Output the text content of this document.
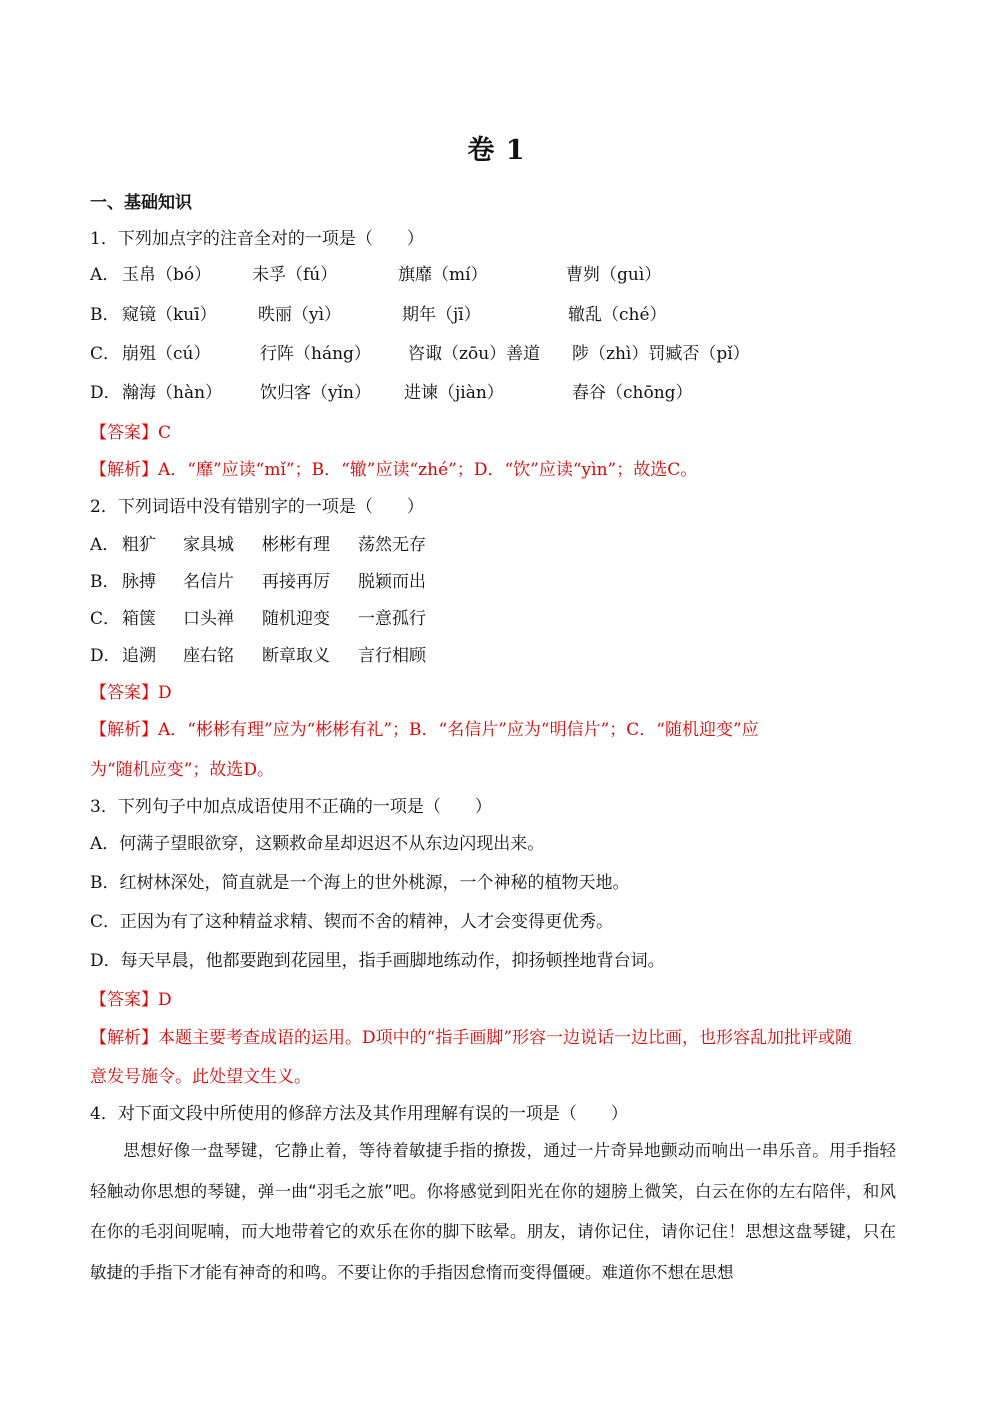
卷 1
一、基础知识
1．下列加点字的注音全对的一项是（　　）
A． 玉帛（bó） 未孚（fú）	旗靡（mí）	曹刿（guì）
B． 窥镜（kuī） 昳丽（yì）	期年（jī）	辙乱（ché）
C． 崩殂（cú）	行阵（háng） 咨诹（zōu）善道 陟（zhì）罚臧否（pǐ）
D． 瀚海（hàn） 饮归客（yǐn） 进谏（jiàn）	舂谷（chōng）
【答案】C
【解析】A．“靡”应读“mǐ”；B．“辙”应读“zhé”；D．“饮”应读“yìn”；故选C。
2．下列词语中没有错别字的一项是（　　）
A． 粗犷 家具城 彬彬有理 荡然无存
B． 脉搏 名信片 再接再厉 脱颖而出
C． 箱箧 口头禅 随机迎变 一意孤行
D． 追溯 座右铭 断章取义 言行相顾
【答案】D
【解析】A．“彬彬有理”应为“彬彬有礼”；B．“名信片”应为“明信片”；C．“随机迎变”应
为“随机应变”；故选D。
3．下列句子中加点成语使用不正确的一项是（　　）
A．何满子望眼欲穿，这颗救命星却迟迟不从东边闪现出来。
B．红树林深处，简直就是一个海上的世外桃源，一个神秘的植物天地。
C．正因为有了这种精益求精、锲而不舍的精神，人才会变得更优秀。
D．每天早晨，他都要跑到花园里，指手画脚地练动作，抑扬顿挫地背台词。
【答案】D
【解析】本题主要考查成语的运用。D项中的“指手画脚”形容一边说话一边比画，也形容乱加批评或随
意发号施令。此处望文生义。
4．对下面文段中所使用的修辞方法及其作用理解有误的一项是（　　）
思想好像一盘琴键，它静止着，等待着敏捷手指的撩拨，通过一片奇异地颤动而响出一串乐音。用手指轻轻触动你思想的琴键，弹一曲“羽毛之旅”吧。你将感觉到阳光在你的翅膀上微笑，白云在你的左右陪伴，和风在你的毛羽间呢喃，而大地带着它的欢乐在你的脚下眩晕。朋友，请你记住，请你记住！思想这盘琴键，只在敏捷的手指下才能有神奇的和鸣。不要让你的手指因怠惰而变得僵硬。难道你不想在思想
